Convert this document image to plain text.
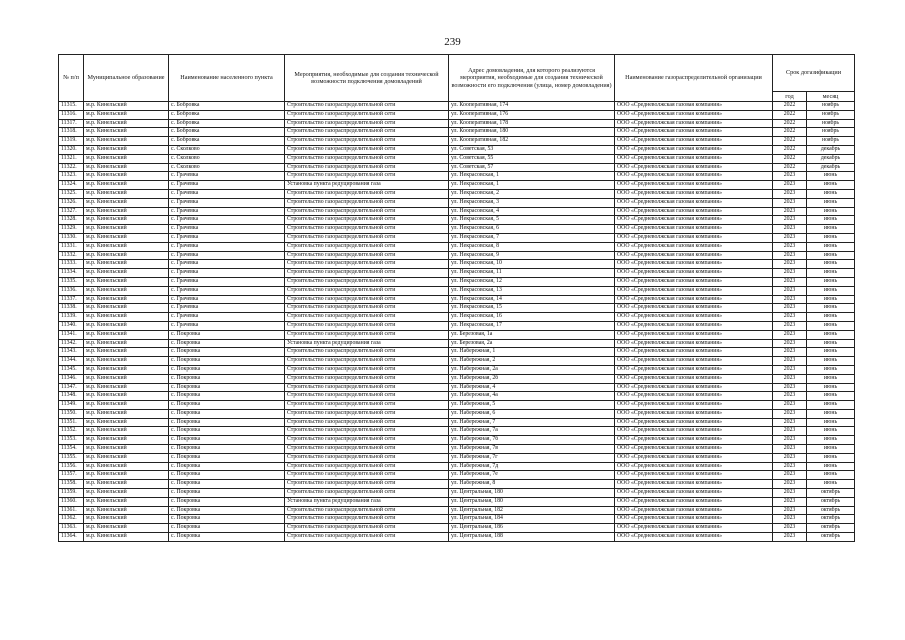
239
№ п/п	Муниципальное образование	Наименование населенного пункта	Мероприятия, необходимые для создания технической возможности подключения домовладений	Адрес домовладения, для которого реализуются мероприятия, необходимые для создания технической возможности его подключения (улица, номер домовладения)	Наименование газораспределительной организации	Срок догазификации	
						год	месяц
11315.	м.р. Кинельский	с. Бобровка	Строительство газораспределительной сети	ул. Кооперативная, 174	ООО «Средневолжская газовая компания»	2022	ноябрь
11316.	м.р. Кинельский	с. Бобровка	Строительство газораспределительной сети	ул. Кооперативная, 176	ООО «Средневолжская газовая компания»	2022	ноябрь
11317.	м.р. Кинельский	с. Бобровка	Строительство газораспределительной сети	ул. Кооперативная, 178	ООО «Средневолжская газовая компания»	2022	ноябрь
11318.	м.р. Кинельский	с. Бобровка	Строительство газораспределительной сети	ул. Кооперативная, 180	ООО «Средневолжская газовая компания»	2022	ноябрь
11319.	м.р. Кинельский	с. Бобровка	Строительство газораспределительной сети	ул. Кооперативная, 182	ООО «Средневолжская газовая компания»	2022	ноябрь
11320.	м.р. Кинельский	с. Сколково	Строительство газораспределительной сети	ул. Советская, 53	ООО «Средневолжская газовая компания»	2022	декабрь
11321.	м.р. Кинельский	с. Сколково	Строительство газораспределительной сети	ул. Советская, 55	ООО «Средневолжская газовая компания»	2022	декабрь
11322.	м.р. Кинельский	с. Сколково	Строительство газораспределительной сети	ул. Советская, 57	ООО «Средневолжская газовая компания»	2022	декабрь
11323.	м.р. Кинельский	с. Грачевка	Строительство газораспределительной сети	ул. Некрасовская, 1	ООО «Средневолжская газовая компания»	2023	июнь
11324.	м.р. Кинельский	с. Грачевка	Установка пункта редуцирования газа	ул. Некрасовская, 1	ООО «Средневолжская газовая компания»	2023	июнь
11325.	м.р. Кинельский	с. Грачевка	Строительство газораспределительной сети	ул. Некрасовская, 2	ООО «Средневолжская газовая компания»	2023	июнь
11326.	м.р. Кинельский	с. Грачевка	Строительство газораспределительной сети	ул. Некрасовская, 3	ООО «Средневолжская газовая компания»	2023	июнь
11327.	м.р. Кинельский	с. Грачевка	Строительство газораспределительной сети	ул. Некрасовская, 4	ООО «Средневолжская газовая компания»	2023	июнь
11328.	м.р. Кинельский	с. Грачевка	Строительство газораспределительной сети	ул. Некрасовская, 5	ООО «Средневолжская газовая компания»	2023	июнь
11329.	м.р. Кинельский	с. Грачевка	Строительство газораспределительной сети	ул. Некрасовская, 6	ООО «Средневолжская газовая компания»	2023	июнь
11330.	м.р. Кинельский	с. Грачевка	Строительство газораспределительной сети	ул. Некрасовская, 7	ООО «Средневолжская газовая компания»	2023	июнь
11331.	м.р. Кинельский	с. Грачевка	Строительство газораспределительной сети	ул. Некрасовская, 8	ООО «Средневолжская газовая компания»	2023	июнь
11332.	м.р. Кинельский	с. Грачевка	Строительство газораспределительной сети	ул. Некрасовская, 9	ООО «Средневолжская газовая компания»	2023	июнь
11333.	м.р. Кинельский	с. Грачевка	Строительство газораспределительной сети	ул. Некрасовская, 10	ООО «Средневолжская газовая компания»	2023	июнь
11334.	м.р. Кинельский	с. Грачевка	Строительство газораспределительной сети	ул. Некрасовская, 11	ООО «Средневолжская газовая компания»	2023	июнь
11335.	м.р. Кинельский	с. Грачевка	Строительство газораспределительной сети	ул. Некрасовская, 12	ООО «Средневолжская газовая компания»	2023	июнь
11336.	м.р. Кинельский	с. Грачевка	Строительство газораспределительной сети	ул. Некрасовская, 13	ООО «Средневолжская газовая компания»	2023	июнь
11337.	м.р. Кинельский	с. Грачевка	Строительство газораспределительной сети	ул. Некрасовская, 14	ООО «Средневолжская газовая компания»	2023	июнь
11338.	м.р. Кинельский	с. Грачевка	Строительство газораспределительной сети	ул. Некрасовская, 15	ООО «Средневолжская газовая компания»	2023	июнь
11339.	м.р. Кинельский	с. Грачевка	Строительство газораспределительной сети	ул. Некрасовская, 16	ООО «Средневолжская газовая компания»	2023	июнь
11340.	м.р. Кинельский	с. Грачевка	Строительство газораспределительной сети	ул. Некрасовская, 17	ООО «Средневолжская газовая компания»	2023	июнь
11341.	м.р. Кинельский	с. Покровка	Строительство газораспределительной сети	ул. Березовая, 1а	ООО «Средневолжская газовая компания»	2023	июнь
11342.	м.р. Кинельский	с. Покровка	Установка пункта редуцирования газа	ул. Березовая, 2а	ООО «Средневолжская газовая компания»	2023	июнь
11343.	м.р. Кинельский	с. Покровка	Строительство газораспределительной сети	ул. Набережная, 1	ООО «Средневолжская газовая компания»	2023	июнь
11344.	м.р. Кинельский	с. Покровка	Строительство газораспределительной сети	ул. Набережная, 2	ООО «Средневолжская газовая компания»	2023	июнь
11345.	м.р. Кинельский	с. Покровка	Строительство газораспределительной сети	ул. Набережная, 2а	ООО «Средневолжская газовая компания»	2023	июнь
11346.	м.р. Кинельский	с. Покровка	Строительство газораспределительной сети	ул. Набережная, 2б	ООО «Средневолжская газовая компания»	2023	июнь
11347.	м.р. Кинельский	с. Покровка	Строительство газораспределительной сети	ул. Набережная, 4	ООО «Средневолжская газовая компания»	2023	июнь
11348.	м.р. Кинельский	с. Покровка	Строительство газораспределительной сети	ул. Набережная, 4а	ООО «Средневолжская газовая компания»	2023	июнь
11349.	м.р. Кинельский	с. Покровка	Строительство газораспределительной сети	ул. Набережная, 5	ООО «Средневолжская газовая компания»	2023	июнь
11350.	м.р. Кинельский	с. Покровка	Строительство газораспределительной сети	ул. Набережная, 6	ООО «Средневолжская газовая компания»	2023	июнь
11351.	м.р. Кинельский	с. Покровка	Строительство газораспределительной сети	ул. Набережная, 7	ООО «Средневолжская газовая компания»	2023	июнь
11352.	м.р. Кинельский	с. Покровка	Строительство газораспределительной сети	ул. Набережная, 7а	ООО «Средневолжская газовая компания»	2023	июнь
11353.	м.р. Кинельский	с. Покровка	Строительство газораспределительной сети	ул. Набережная, 7б	ООО «Средневолжская газовая компания»	2023	июнь
11354.	м.р. Кинельский	с. Покровка	Строительство газораспределительной сети	ул. Набережная, 7в	ООО «Средневолжская газовая компания»	2023	июнь
11355.	м.р. Кинельский	с. Покровка	Строительство газораспределительной сети	ул. Набережная, 7г	ООО «Средневолжская газовая компания»	2023	июнь
11356.	м.р. Кинельский	с. Покровка	Строительство газораспределительной сети	ул. Набережная, 7д	ООО «Средневолжская газовая компания»	2023	июнь
11357.	м.р. Кинельский	с. Покровка	Строительство газораспределительной сети	ул. Набережная, 7е	ООО «Средневолжская газовая компания»	2023	июнь
11358.	м.р. Кинельский	с. Покровка	Строительство газораспределительной сети	ул. Набережная, 8	ООО «Средневолжская газовая компания»	2023	июнь
11359.	м.р. Кинельский	с. Покровка	Строительство газораспределительной сети	ул. Центральная, 180	ООО «Средневолжская газовая компания»	2023	октябрь
11360.	м.р. Кинельский	с. Покровка	Установка пункта редуцирования газа	ул. Центральная, 180	ООО «Средневолжская газовая компания»	2023	октябрь
11361.	м.р. Кинельский	с. Покровка	Строительство газораспределительной сети	ул. Центральная, 182	ООО «Средневолжская газовая компания»	2023	октябрь
11362.	м.р. Кинельский	с. Покровка	Строительство газораспределительной сети	ул. Центральная, 184	ООО «Средневолжская газовая компания»	2023	октябрь
11363.	м.р. Кинельский	с. Покровка	Строительство газораспределительной сети	ул. Центральная, 186	ООО «Средневолжская газовая компания»	2023	октябрь
11364.	м.р. Кинельский	с. Покровка	Строительство газораспределительной сети	ул. Центральная, 188	ООО «Средневолжская газовая компания»	2023	октябрь
